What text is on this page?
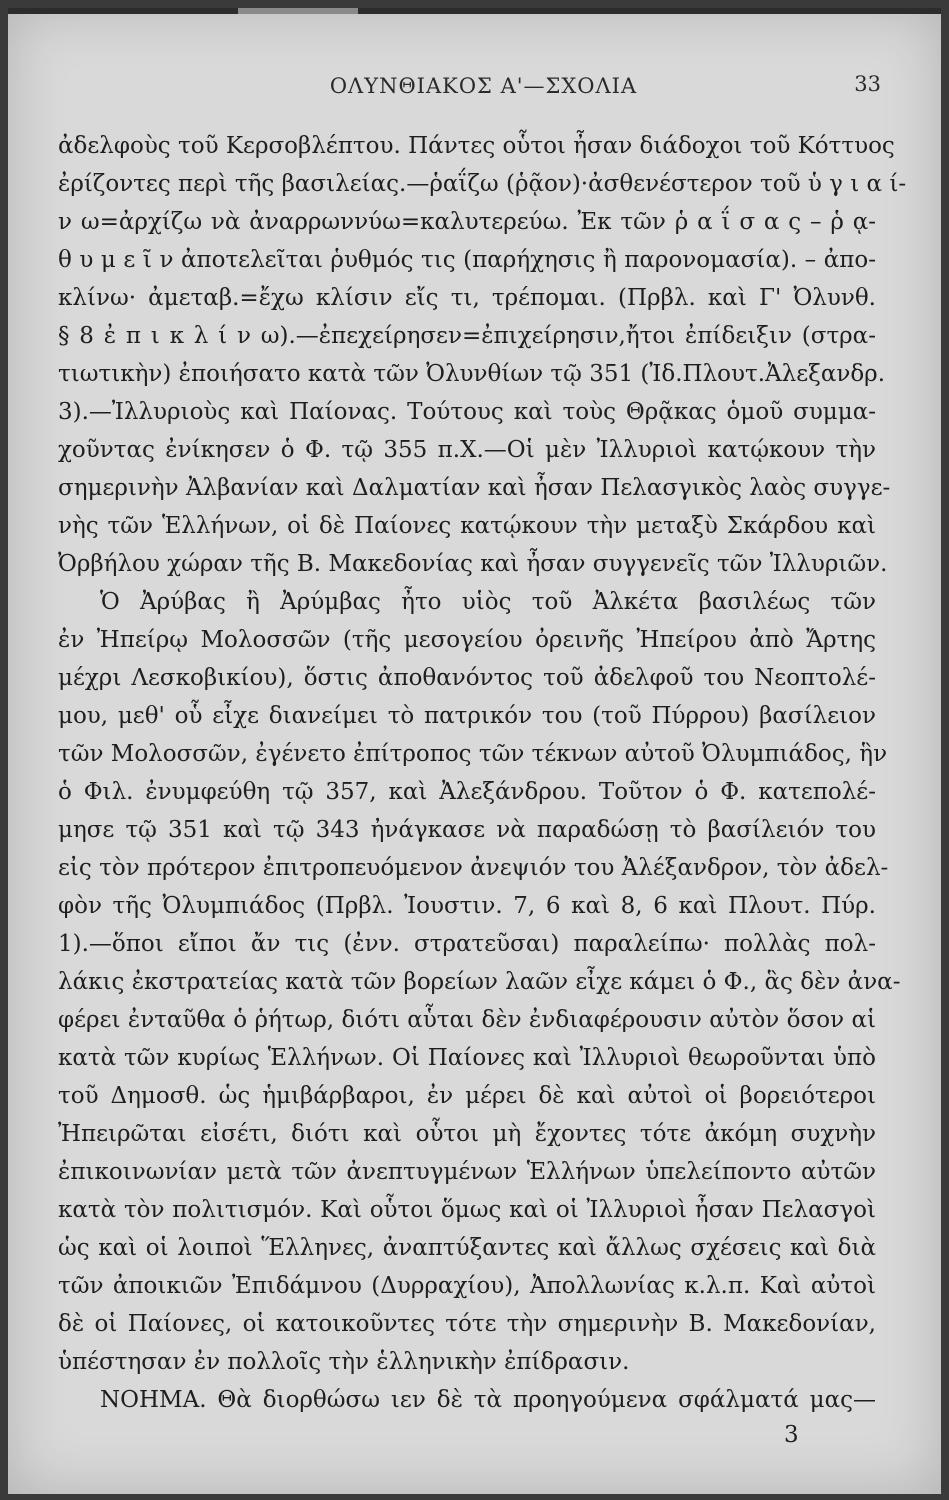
ΟΛΥΝΘΙΑΚΟΣ Α'—ΣΧΟΛΙΑ	33

ἀδελφοὺς τοῦ Κερσοβλέπτου. Πάντες οὗτοι ἦσαν διάδοχοι τοῦ Κόττυος

ἐρίζοντες περὶ τῆς βασιλείας.—ῥαΐζω (ῥᾷον)·ἀσθενέστερον τοῦ ὑ γ ι α ί-

ν ω=ἀρχίζω νὰ ἀναρρωννύω=καλυτερεύω. Ἐκ τῶν ῥ α ΐ σ α ς – ῥ ᾳ-

θ υ μ ε ῖ ν ἀποτελεῖται ῥυθμός τις (παρήχησις ἢ παρονομασία). – ἀπο-

κλίνω· ἀμεταβ.=ἔχω κλίσιν εἴς τι, τρέπομαι. (Πρβλ. καὶ Γ' Ὀλυνθ.

§ 8 ἐ π ι κ λ ί ν ω).—ἐπεχείρησεν=ἐπιχείρησιν,ἤτοι ἐπίδειξιν (στρα-

τιωτικὴν) ἐποιήσατο κατὰ τῶν Ὀλυνθίων τῷ 351 (Ἰδ.Πλουτ.Ἀλεξανδρ.

3).—Ἰλλυριοὺς καὶ Παίονας. Τούτους καὶ τοὺς Θρᾷκας ὁμοῦ συμμα-

χοῦντας ἐνίκησεν ὁ Φ. τῷ 355 π.Χ.—Οἱ μὲν Ἰλλυριοὶ κατῴκουν τὴν

σημερινὴν Ἀλβανίαν καὶ Δαλματίαν καὶ ἦσαν Πελασγικὸς λαὸς συγγε-

νὴς τῶν Ἑλλήνων, οἱ δὲ Παίονες κατῴκουν τὴν μεταξὺ Σκάρδου καὶ

Ὀρβήλου χώραν τῆς Β. Μακεδονίας καὶ ἦσαν συγγενεῖς τῶν Ἰλλυριῶν.

Ὁ Ἀρύβας ἢ Ἀρύμβας ἦτο υἱὸς τοῦ Ἀλκέτα βασιλέως τῶν

ἐν Ἠπείρῳ Μολοσσῶν (τῆς μεσογείου ὀρεινῆς Ἠπείρου ἀπὸ Ἄρτης

μέχρι Λεσκοβικίου), ὅστις ἀποθανόντος τοῦ ἀδελφοῦ του Νεοπτολέ-

μου, μεθ' οὗ εἶχε διανείμει τὸ πατρικόν του (τοῦ Πύρρου) βασίλειον

τῶν Μολοσσῶν, ἐγένετο ἐπίτροπος τῶν τέκνων αὐτοῦ Ὀλυμπιάδος, ἣν

ὁ Φιλ. ἐνυμφεύθη τῷ 357, καὶ Ἀλεξάνδρου. Τοῦτον ὁ Φ. κατεπολέ-

μησε τῷ 351 καὶ τῷ 343 ἠνάγκασε νὰ παραδώσῃ τὸ βασίλειόν του

εἰς τὸν πρότερον ἐπιτροπευόμενον ἀνεψιόν του Ἀλέξανδρον, τὸν ἀδελ-

φὸν τῆς Ὀλυμπιάδος (Πρβλ. Ἰουστιν. 7, 6 καὶ 8, 6 καὶ Πλουτ. Πύρ.

1).—ὅποι εἴποι ἄν τις (ἐνν. στρατεῦσαι) παραλείπω· πολλὰς πολ-

λάκις ἐκστρατείας κατὰ τῶν βορείων λαῶν εἶχε κάμει ὁ Φ., ἃς δὲν ἀνα-

φέρει ἐνταῦθα ὁ ῥήτωρ, διότι αὗται δὲν ἐνδιαφέρουσιν αὐτὸν ὅσον αἱ

κατὰ τῶν κυρίως Ἑλλήνων. Οἱ Παίονες καὶ Ἰλλυριοὶ θεωροῦνται ὑπὸ

τοῦ Δημοσθ. ὡς ἡμιβάρβαροι, ἐν μέρει δὲ καὶ αὐτοὶ οἱ βορειότεροι

Ἠπειρῶται εἰσέτι, διότι καὶ οὗτοι μὴ ἔχοντες τότε ἀκόμη συχνὴν

ἐπικοινωνίαν μετὰ τῶν ἀνεπτυγμένων Ἑλλήνων ὑπελείποντο αὐτῶν

κατὰ τὸν πολιτισμόν. Καὶ οὗτοι ὅμως καὶ οἱ Ἰλλυριοὶ ἦσαν Πελασγοὶ

ὡς καὶ οἱ λοιποὶ Ἕλληνες, ἀναπτύξαντες καὶ ἄλλως σχέσεις καὶ διὰ

τῶν ἀποικιῶν Ἐπιδάμνου (Δυρραχίου), Ἀπολλωνίας κ.λ.π. Καὶ αὐτοὶ

δὲ οἱ Παίονες, οἱ κατοικοῦντες τότε τὴν σημερινὴν Β. Μακεδονίαν,

ὑπέστησαν ἐν πολλοῖς τὴν ἑλληνικὴν ἐπίδρασιν.

ΝΟΗΜΑ. Θὰ διορθώσω ιεν δὲ τὰ προηγούμενα σφάλματά μας—

3
